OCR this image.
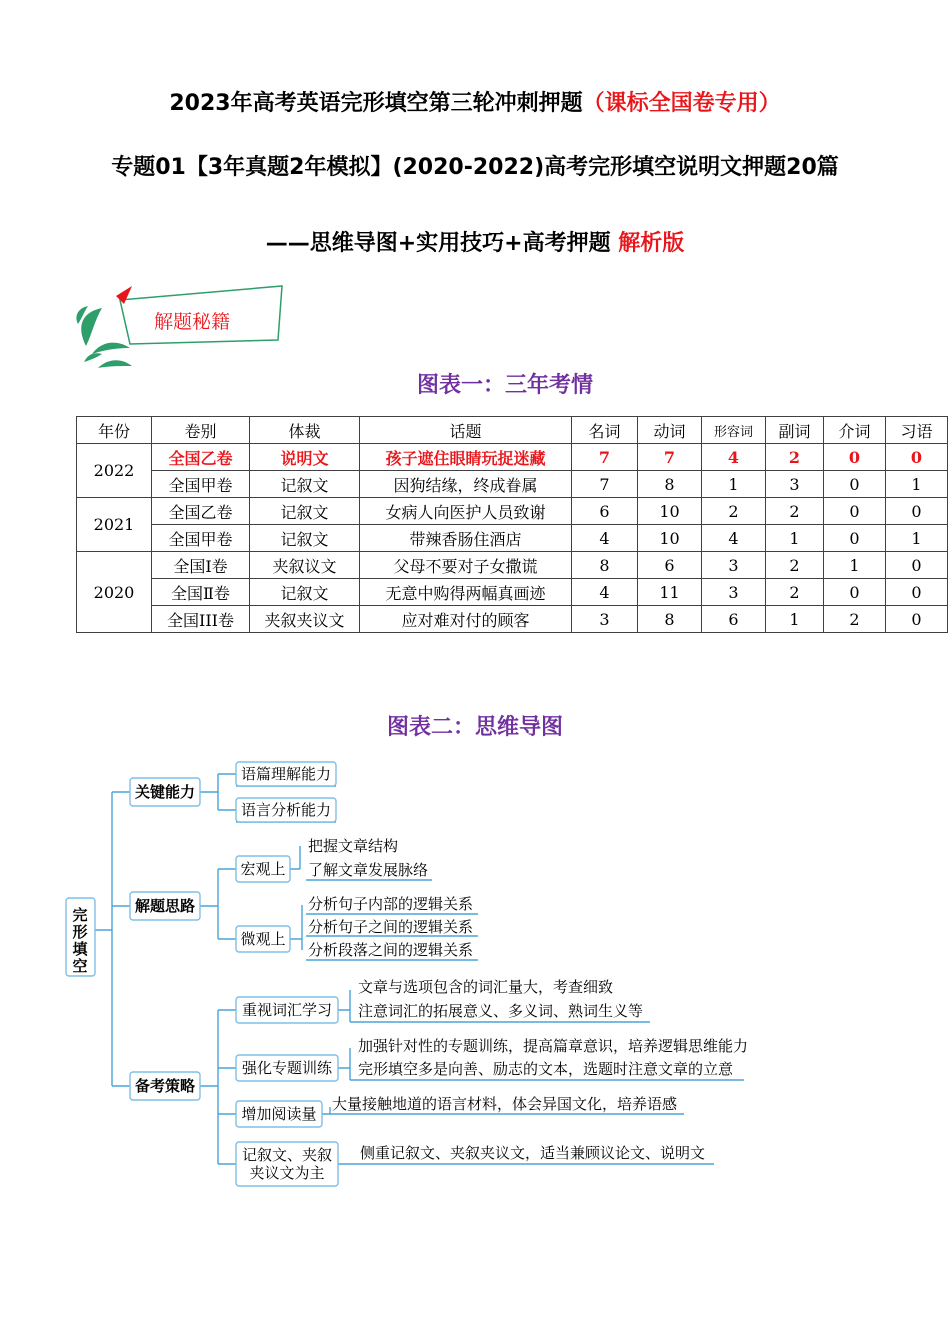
2023年高考英语完形填空第三轮冲刺押题（课标全国卷专用）
专题01【3年真题2年模拟】(2020-2022)高考完形填空说明文押题20篇
——思维导图+实用技巧+高考押题 解析版
解题秘籍
图表一：三年考情
年份	卷别	体裁	话题	名词	动词	形容词	副词	介词	习语
2022	全国乙卷	说明文	孩子遮住眼睛玩捉迷藏	7	7	4	2	0	0
	全国甲卷	记叙文	因狗结缘，终成眷属	7	8	1	3	0	1
2021	全国乙卷	记叙文	女病人向医护人员致谢	6	10	2	2	0	0
	全国甲卷	记叙文	带辣香肠住酒店	4	10	4	1	0	1
2020	全国Ⅰ卷	夹叙议文	父母不要对子女撒谎	8	6	3	2	1	0
	全国Ⅱ卷	记叙文	无意中购得两幅真画迹	4	11	3	2	0	0
	全国III卷	夹叙夹议文	应对难对付的顾客	3	8	6	1	2	0
图表二：思维导图
完
形
填
空
关键能力
解题思路
备考策略
语篇理解能力
语言分析能力
宏观上
把握文章结构
了解文章发展脉络
微观上
分析句子内部的逻辑关系
分析句子之间的逻辑关系
分析段落之间的逻辑关系
重视词汇学习
文章与选项包含的词汇量大，考查细致
注意词汇的拓展意义、多义词、熟词生义等
强化专题训练
加强针对性的专题训练，提高篇章意识，培养逻辑思维能力
完形填空多是向善、励志的文本，选题时注意文章的立意
增加阅读量
大量接触地道的语言材料，体会异国文化，培养语感
记叙文、夹叙
夹议文为主
侧重记叙文、夹叙夹议文，适当兼顾议论文、说明文
